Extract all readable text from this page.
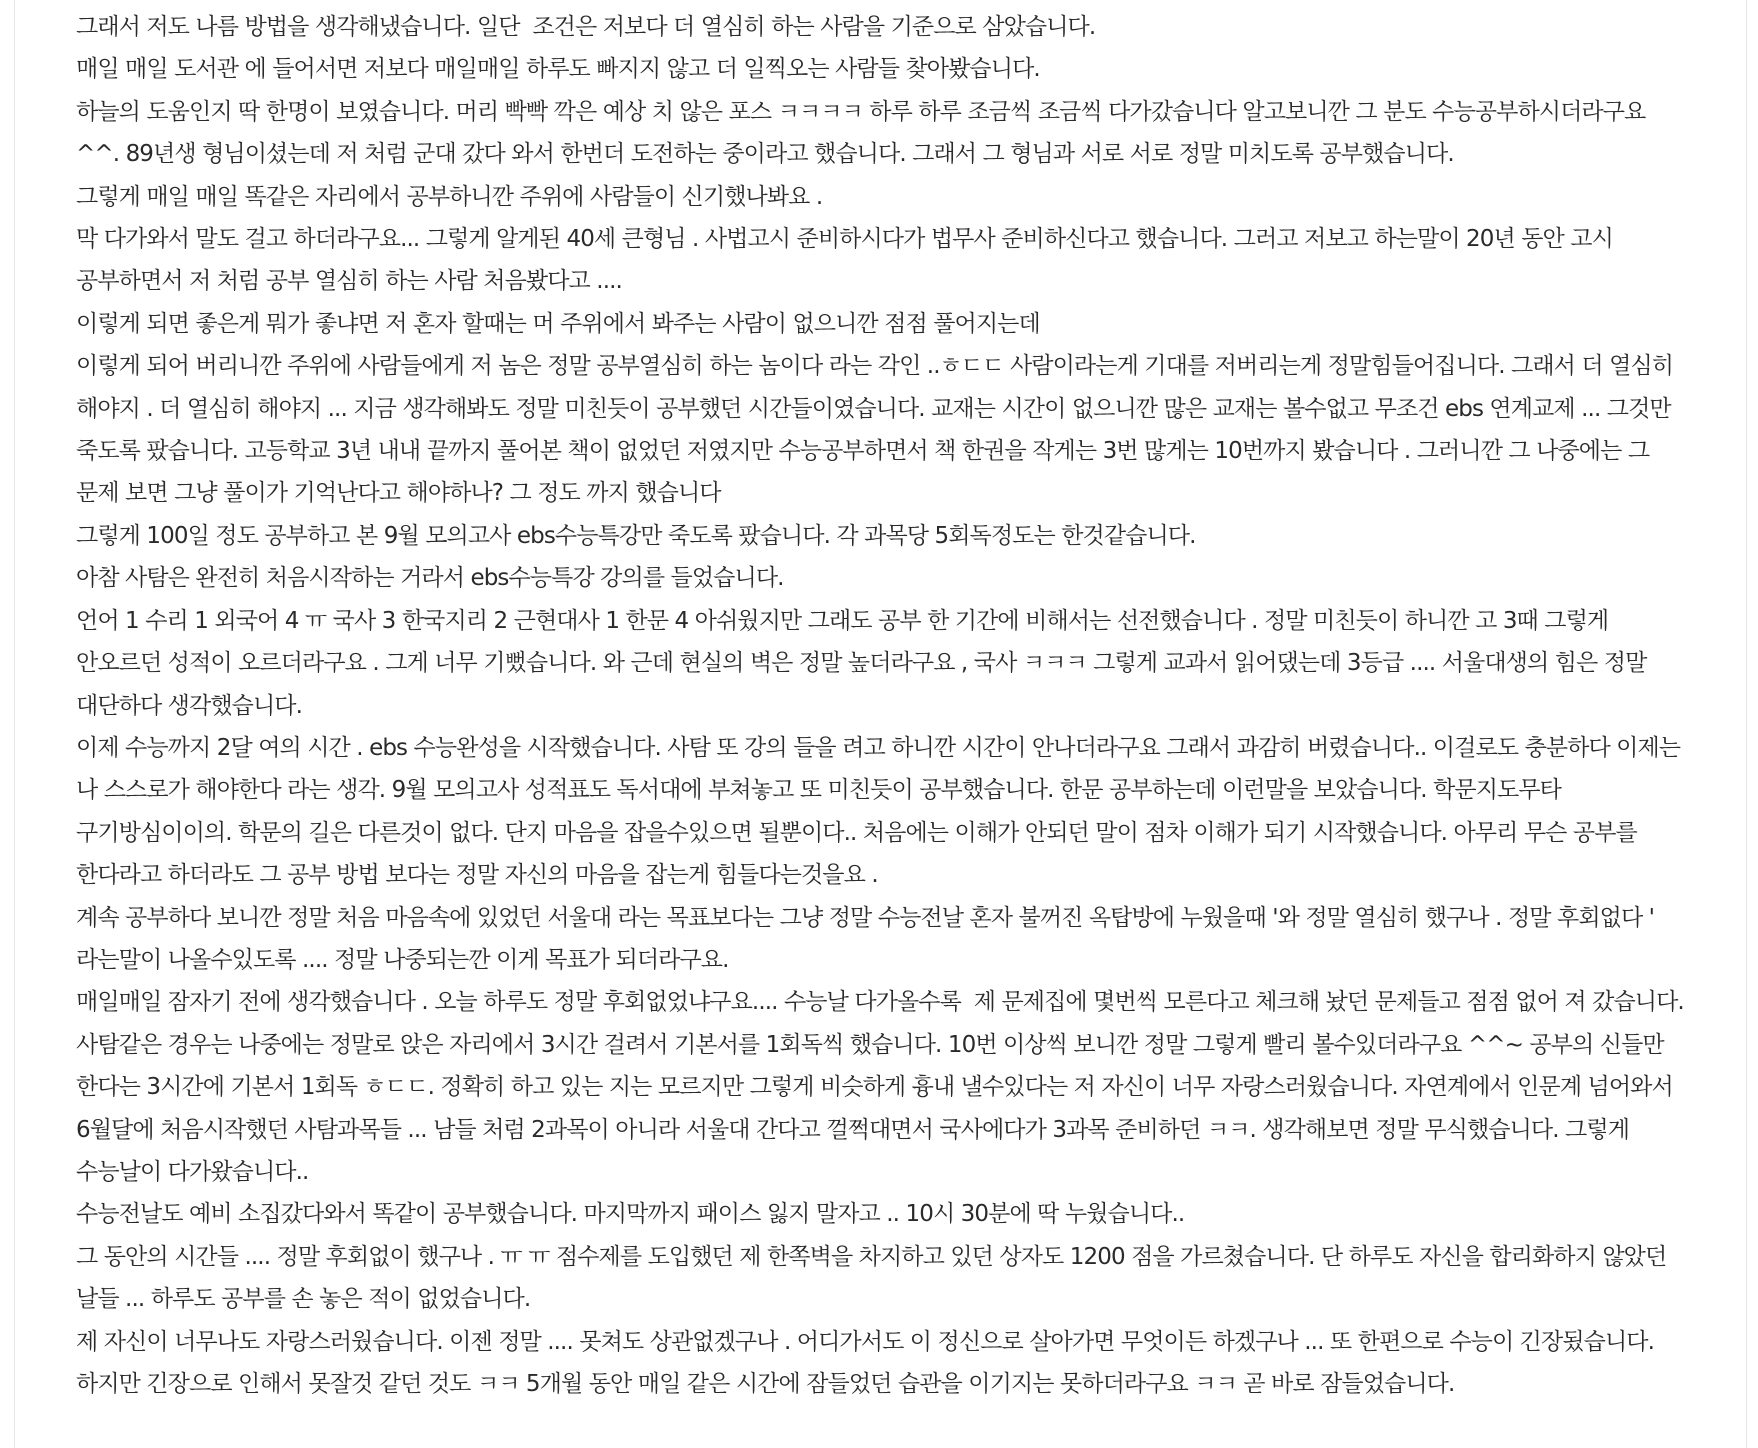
그래서 저도 나름 방법을 생각해냈습니다. 일단  조건은 저보다 더 열심히 하는 사람을 기준으로 삼았습니다.

매일 매일 도서관 에 들어서면 저보다 매일매일 하루도 빠지지 않고 더 일찍오는 사람들 찾아봤습니다.

하늘의 도움인지 딱 한명이 보였습니다. 머리 빡빡 깍은 예상 치 않은 포스 ㅋㅋㅋㅋ 하루 하루 조금씩 조금씩 다가갔습니다 알고보니깐 그 분도 수능공부하시더라구요 ^^. 89년생 형님이셨는데 저 처럼 군대 갔다 와서 한번더 도전하는 중이라고 했습니다. 그래서 그 형님과 서로 서로 정말 미치도록 공부했습니다.

그렇게 매일 매일 똑같은 자리에서 공부하니깐 주위에 사람들이 신기했나봐요 .

막 다가와서 말도 걸고 하더라구요... 그렇게 알게된 40세 큰형님 . 사법고시 준비하시다가 법무사 준비하신다고 했습니다. 그러고 저보고 하는말이 20년 동안 고시 공부하면서 저 처럼 공부 열심히 하는 사람 처음봤다고 ....

이렇게 되면 좋은게 뭐가 좋냐면 저 혼자 할때는 머 주위에서 봐주는 사람이 없으니깐 점점 풀어지는데

이렇게 되어 버리니깐 주위에 사람들에게 저 놈은 정말 공부열심히 하는 놈이다 라는 각인 ..ㅎㄷㄷ 사람이라는게 기대를 저버리는게 정말힘들어집니다. 그래서 더 열심히 해야지 . 더 열심히 해야지 ... 지금 생각해봐도 정말 미친듯이 공부했던 시간들이였습니다. 교재는 시간이 없으니깐 많은 교재는 볼수없고 무조건 ebs 연계교제 ... 그것만 죽도록 팠습니다. 고등학교 3년 내내 끝까지 풀어본 책이 없었던 저였지만 수능공부하면서 책 한권을 작게는 3번 많게는 10번까지 봤습니다 . 그러니깐 그 나중에는 그 문제 보면 그냥 풀이가 기억난다고 해야하나? 그 정도 까지 했습니다

그렇게 100일 정도 공부하고 본 9월 모의고사 ebs수능특강만 죽도록 팠습니다. 각 과목당 5회독정도는 한것같습니다.

아참 사탐은 완전히 처음시작하는 거라서 ebs수능특강 강의를 들었습니다.

언어 1 수리 1 외국어 4 ㅠ 국사 3 한국지리 2 근현대사 1 한문 4 아쉬웠지만 그래도 공부 한 기간에 비해서는 선전했습니다 . 정말 미친듯이 하니깐 고 3때 그렇게 안오르던 성적이 오르더라구요 . 그게 너무 기뻤습니다. 와 근데 현실의 벽은 정말 높더라구요 , 국사 ㅋㅋㅋ 그렇게 교과서 읽어댔는데 3등급 .... 서울대생의 힘은 정말 대단하다 생각했습니다.

이제 수능까지 2달 여의 시간 . ebs 수능완성을 시작했습니다. 사탐 또 강의 들을 려고 하니깐 시간이 안나더라구요 그래서 과감히 버렸습니다.. 이걸로도 충분하다 이제는 나 스스로가 해야한다 라는 생각. 9월 모의고사 성적표도 독서대에 부쳐놓고 또 미친듯이 공부했습니다. 한문 공부하는데 이런말을 보았습니다. 학문지도무타 구기방심이이의. 학문의 길은 다른것이 없다. 단지 마음을 잡을수있으면 될뿐이다.. 처음에는 이해가 안되던 말이 점차 이해가 되기 시작했습니다. 아무리 무슨 공부를 한다라고 하더라도 그 공부 방법 보다는 정말 자신의 마음을 잡는게 힘들다는것을요 .

계속 공부하다 보니깐 정말 처음 마음속에 있었던 서울대 라는 목표보다는 그냥 정말 수능전날 혼자 불꺼진 옥탑방에 누웠을때 '와 정말 열심히 했구나 . 정말 후회없다 ' 라는말이 나올수있도록 .... 정말 나중되는깐 이게 목표가 되더라구요.

매일매일 잠자기 전에 생각했습니다 . 오늘 하루도 정말 후회없었냐구요.... 수능날 다가올수록  제 문제집에 몇번씩 모른다고 체크해 놨던 문제들고 점점 없어 져 갔습니다. 사탐같은 경우는 나중에는 정말로 앉은 자리에서 3시간 걸려서 기본서를 1회독씩 했습니다. 10번 이상씩 보니깐 정말 그렇게 빨리 볼수있더라구요 ^^~ 공부의 신들만 한다는 3시간에 기본서 1회독 ㅎㄷㄷ. 정확히 하고 있는 지는 모르지만 그렇게 비슷하게 흉내 낼수있다는 저 자신이 너무 자랑스러웠습니다. 자연계에서 인문계 넘어와서 6월달에 처음시작했던 사탐과목들 ... 남들 처럼 2과목이 아니라 서울대 간다고 껄쩍대면서 국사에다가 3과목 준비하던 ㅋㅋ. 생각해보면 정말 무식했습니다. 그렇게 수능날이 다가왔습니다..

수능전날도 예비 소집갔다와서 똑같이 공부했습니다. 마지막까지 패이스 잃지 말자고 .. 10시 30분에 딱 누웠습니다..

그 동안의 시간들 .... 정말 후회없이 했구나 . ㅠ ㅠ 점수제를 도입했던 제 한쪽벽을 차지하고 있던 상자도 1200 점을 가르쳤습니다. 단 하루도 자신을 합리화하지 않았던 날들 ... 하루도 공부를 손 놓은 적이 없었습니다.

제 자신이 너무나도 자랑스러웠습니다. 이젠 정말 .... 못쳐도 상관없겠구나 . 어디가서도 이 정신으로 살아가면 무엇이든 하겠구나 ... 또 한편으로 수능이 긴장됬습니다. 하지만 긴장으로 인해서 못잘것 같던 것도 ㅋㅋ 5개월 동안 매일 같은 시간에 잠들었던 습관을 이기지는 못하더라구요 ㅋㅋ 곧 바로 잠들었습니다.
